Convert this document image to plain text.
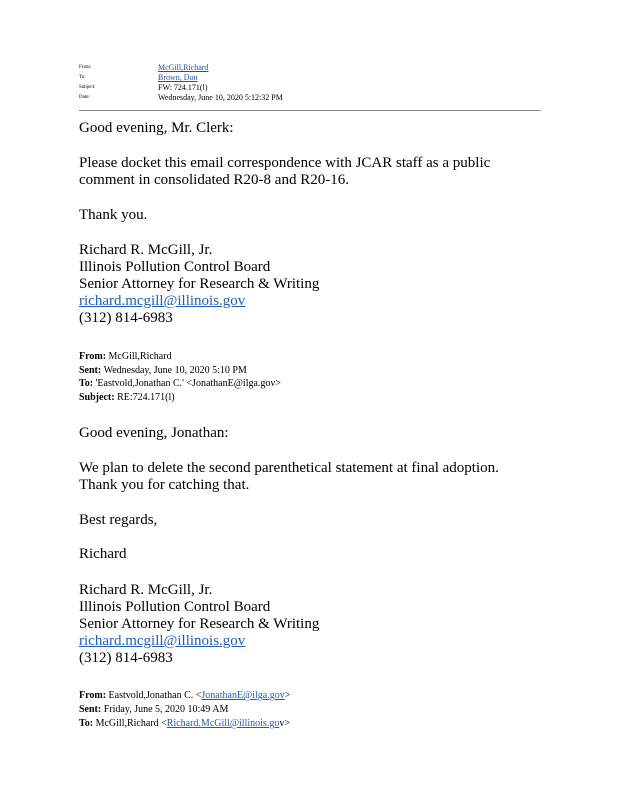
From:	McGill,Richard
To:	Brown, Don
Subject:	FW: 724.171(l)
Date:	Wednesday, June 10, 2020 5:12:32 PM
Good evening, Mr. Clerk:
Please docket this email correspondence with JCAR staff as a public
comment in consolidated R20-8 and R20-16.
Thank you.
Richard R. McGill, Jr.
Illinois Pollution Control Board
Senior Attorney for Research & Writing
richard.mcgill@illinois.gov
(312) 814-6983
From: McGill,Richard
Sent: Wednesday, June 10, 2020 5:10 PM
To: 'Eastvold,Jonathan C.' <JonathanE@ilga.gov>
Subject: RE:724.171(l)
Good evening, Jonathan:
We plan to delete the second parenthetical statement at final adoption.
Thank you for catching that.
Best regards,
Richard
Richard R. McGill, Jr.
Illinois Pollution Control Board
Senior Attorney for Research & Writing
richard.mcgill@illinois.gov
(312) 814-6983
From: Eastvold,Jonathan C. <JonathanE@ilga.gov>
Sent: Friday, June 5, 2020 10:49 AM
To: McGill,Richard <Richard.McGill@illinois.gov>
